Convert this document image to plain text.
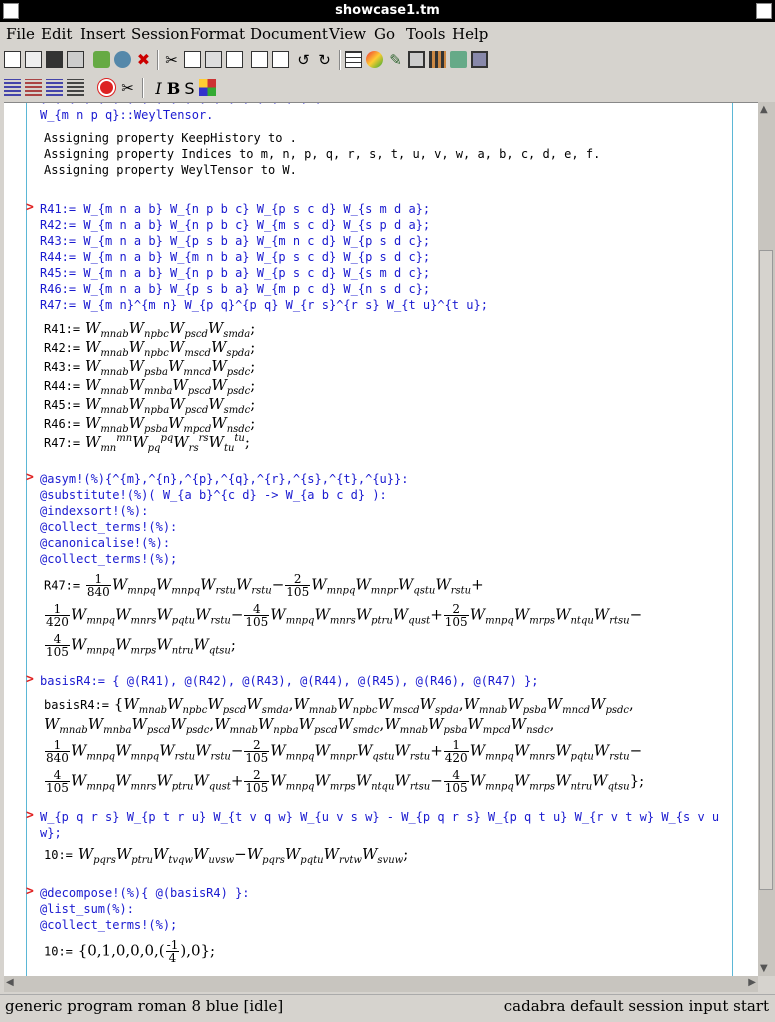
showcase1.tm
File Edit Insert Session Format Document View Go Tools Help
✖ ✂	↺ ↻	✎
✂	I B S
· · · · · · · · · · · · · · · · · · · ·
W_{m n p q}::WeylTensor.
Assigning property KeepHistory to .
Assigning property Indices to m, n, p, q, r, s, t, u, v, w, a, b, c, d, e, f.
Assigning property WeylTensor to W.
> R41:= W_{m n a b} W_{n p b c} W_{p s c d} W_{s m d a};
R42:= W_{m n a b} W_{n p b c} W_{m s c d} W_{s p d a};
R43:= W_{m n a b} W_{p s b a} W_{m n c d} W_{p s d c};
R44:= W_{m n a b} W_{m n b a} W_{p s c d} W_{p s d c};
R45:= W_{m n a b} W_{n p b a} W_{p s c d} W_{s m d c};
R46:= W_{m n a b} W_{p s b a} W_{m p c d} W_{n s d c};
R47:= W_{m n}^{m n} W_{p q}^{p q} W_{r s}^{r s} W_{t u}^{t u};
R41:= $W_{mnab}W_{npbc}W_{pscd}W_{smda}$;
R42:= $W_{mnab}W_{npbc}W_{mscd}W_{spda}$;
R43:= $W_{mnab}W_{psba}W_{mncd}W_{psdc}$;
R44:= $W_{mnab}W_{mnba}W_{pscd}W_{psdc}$;
R45:= $W_{mnab}W_{npba}W_{pscd}W_{smdc}$;
R46:= $W_{mnab}W_{psba}W_{mpcd}W_{nsdc}$;
R47:= $W_{mn}^{mn}W_{pq}^{pq}W_{rs}^{rs}W_{tu}^{tu}$;
> @asym!(%){^{m},^{n},^{p},^{q},^{r},^{s},^{t},^{u}}:
@substitute!(%)( W_{a b}^{c d} -> W_{a b c d} ):
@indexsort!(%):
@collect_terms!(%):
@canonicalise!(%):
@collect_terms!(%);
R47:= $\frac{1}{840} W_{mnpq}W_{mnpq}W_{rstu}W_{rstu}- \frac{2}{105} W_{mnpq}W_{mnpr}W_{qstu}W_{rstu}+$
$\frac{1}{420} W_{mnpq}W_{mnrs}W_{pqtu}W_{rstu}- \frac{4}{105} W_{mnpq}W_{mnrs}W_{ptru}W_{qust}+ \frac{2}{105} W_{mnpq}W_{mrps}W_{ntqu}W_{rtsu}-$
$\frac{4}{105} W_{mnpq}W_{mrps}W_{ntru}W_{qtsu}$;
> basisR4:= { @(R41), @(R42), @(R43), @(R44), @(R45), @(R46), @(R47) };
basisR4:= {$W_{mnab}W_{npbc}W_{pscd}W_{smda},W_{mnab}W_{npbc}W_{mscd}W_{spda},W_{mnab}W_{psba}W_{mncd}W_{psdc}$,
$W_{mnab}W_{mnba}W_{pscd}W_{psdc},W_{mnab}W_{npba}W_{pscd}W_{smdc},W_{mnab}W_{psba}W_{mpcd}W_{nsdc}$,
$\frac{1}{840} W_{mnpq}W_{mnpq}W_{rstu}W_{rstu}- \frac{2}{105} W_{mnpq}W_{mnpr}W_{qstu}W_{rstu}+ \frac{1}{420} W_{mnpq}W_{mnrs}W_{pqtu}W_{rstu}-$
$\frac{4}{105} W_{mnpq}W_{mnrs}W_{ptru}W_{qust}+ \frac{2}{105} W_{mnpq}W_{mrps}W_{ntqu}W_{rtsu}- \frac{4}{105} W_{mnpq}W_{mrps}W_{ntru}W_{qtsu}$};
> W_{p q r s} W_{p t r u} W_{t v q w} W_{u v s w} - W_{p q r s} W_{p q t u} W_{r v t w} W_{s v u
w};
10:= $W_{pqrs}W_{ptru}W_{tvqw}W_{uvsw}-W_{pqrs}W_{pqtu}W_{rvtw}W_{svuw}$;
> @decompose!(%){ @(basisR4) }:
@list_sum(%):
@collect_terms!(%);
10:= $\{0,1,0,0,0,( \frac{-1}{4} ),0\}$;
▲
▼
◀	▶
generic program roman 8 blue [idle]	cadabra default session input start
